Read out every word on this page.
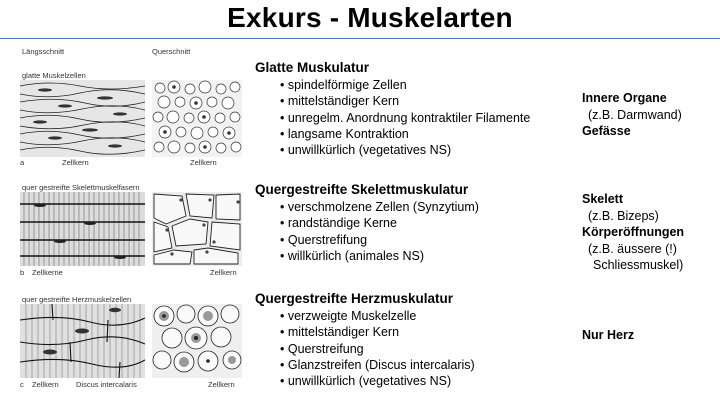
Exkurs - Muskelarten
Längsschnitt	Querschnitt
glatte Muskelzellen
a	Zellkern	Zellkern
quer gestreifte Skelettmuskelfasern
b Zellkerne	Zellkern
quer gestreifte Herzmuskelzellen
c Zellkern Discus intercalaris	Zellkern
Glatte Muskulatur
• spindelförmige Zellen
• mittelständiger Kern
• unregelm. Anordnung kontraktiler Filamente
• langsame Kontraktion
• unwillkürlich (vegetatives NS)
Quergestreifte Skelettmuskulatur
• verschmolzene Zellen (Synzytium)
• randständige Kerne
• Querstrefifung
• willkürlich (animales NS)
Quergestreifte Herzmuskulatur
• verzweigte Muskelzelle
• mittelständiger Kern
• Querstreifung
• Glanzstreifen (Discus intercalaris)
• unwillkürlich (vegetatives NS)
Innere Organe
(z.B. Darmwand)
Gefässe
Skelett
(z.B. Bizeps)
Körperöffnungen
(z.B. äussere (!)
Schliessmuskel)
Nur Herz
